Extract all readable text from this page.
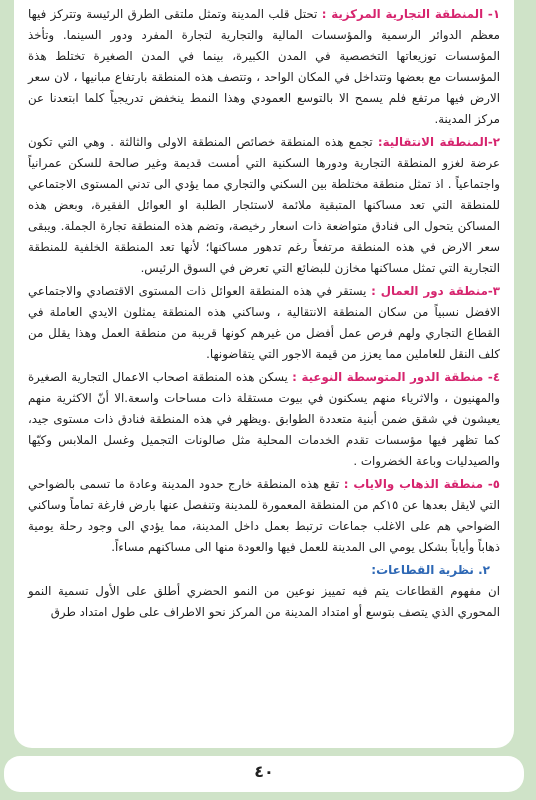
١- المنطقة التجارية المركزية : تحتل قلب المدينة وتمثل ملتقى الطرق الرئيسة وتتركز فيها معظم الدوائر الرسمية والمؤسسات المالية والتجارية لتجارة المفرد ودور السينما. وتأخذ المؤسسات توزيعاتها التخصصية في المدن الكبيرة، بينما في المدن الصغيرة تختلط هذة المؤسسات مع بعضها وتتداخل في المكان الواحد ، وتتصف هذه المنطقة بارتفاع مبانيها ، لان سعر الارض فيها مرتفع فلم يسمح الا بالتوسع العمودي وهذا النمط ينخفض تدريجياً كلما ابتعدنا عن مركز المدينة.

٢-المنطقة الانتقالية: تجمع هذه المنطقة خصائص المنطقة الاولى والثالثة . وهي التي تكون عرضة لغزو المنطقة التجارية ودورها السكنية التي أمست قديمة وغير صالحة للسكن عمرانياً واجتماعياً . اذ تمثل منطقة مختلطة بين السكني والتجاري مما يؤدي الى تدني المستوى الاجتماعي للمنطقة التي تعد مساكنها المتبقية ملائمة لاستئجار الطلبة او العوائل الفقيرة، وبعض هذه المساكن يتحول الى فنادق متواضعة ذات اسعار رخيصة، وتضم هذه المنطقة تجارة الجملة. ويبقى سعر الارض في هذه المنطقة مرتفعاً رغم تدهور مساكنها؛ لأنها تعد المنطقة الخلفية للمنطقة التجارية التي تمثل مساكنها مخازن للبضائع التي تعرض في السوق الرئيس.

٣-منطقة دور العمال : يستقر في هذه المنطقة العوائل ذات المستوى الاقتصادي والاجتماعي الافضل نسبياً من سكان المنطقة الانتقالية ، وساكني هذه المنطقة يمثلون الايدي العاملة في القطاع التجاري ولهم فرص عمل أفضل من غيرهم كونها قريبة من منطقة العمل وهذا يقلل من كلف النقل للعاملين مما يعزز من قيمة الاجور التي يتقاضونها.

٤- منطقة الدور المتوسطة النوعية : يسكن هذه المنطقة اصحاب الاعمال التجارية الصغيرة والمهنيون ، والاثرياء منهم يسكنون في بيوت مستقلة ذات مساحات واسعة.الا أنّ الاكثرية منهم يعيشون في شقق ضمن أبنية متعددة الطوابق .ويظهر في هذه المنطقة فنادق ذات مستوى جيد، كما تظهر فيها مؤسسات تقدم الخدمات المحلية مثل صالونات التجميل وغسل الملابس وكيّها والصيدليات وباعة الخضروات .

٥- منطقة الذهاب والاياب : تقع هذه المنطقة خارج حدود المدينة وعادة ما تسمى بالضواحي التي لايقل بعدها عن ١٥كم من المنطقة المعمورة للمدينة وتنفصل عنها بارض فارغة تماماً وساكني الضواحي هم على الاغلب جماعات ترتبط بعمل داخل المدينة، مما يؤدي الى وجود رحلة يومية ذهاباً وأياباً بشكل يومي الى المدينة للعمل فيها والعودة منها الى مساكنهم مساءاً.

٢. نظرية القطاعات:

ان مفهوم القطاعات يتم فيه تمييز نوعين من النمو الحضري أطلق على الأول تسمية النمو المحوري الذي يتصف بتوسع أو امتداد المدينة من المركز نحو الاطراف على طول امتداد طرق

٤٠
